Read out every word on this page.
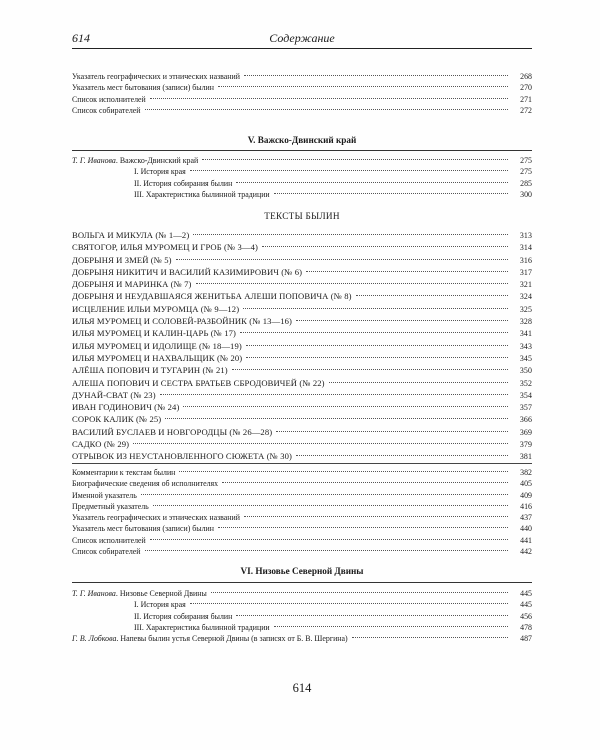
614	Содержание
Указатель географических и этнических названий	268
Указатель мест бытования (записи) былин	270
Список исполнителей	271
Список собирателей	272
V. Важско-Двинский край
Т. Г. Иванова. Важско-Двинский край	275
I. История края	275
II. История собирания былин	285
III. Характеристика былинной традиции	300
ТЕКСТЫ БЫЛИН
ВОЛЬГА И МИКУЛА (№ 1—2)	313
СВЯТОГОР, ИЛЬЯ МУРОМЕЦ И ГРОБ (№ 3—4)	314
ДОБРЫНЯ И ЗМЕЙ (№ 5)	316
ДОБРЫНЯ НИКИТИЧ И ВАСИЛИЙ КАЗИМИРОВИЧ (№ 6)	317
ДОБРЫНЯ И МАРИНКА (№ 7)	321
ДОБРЫНЯ И НЕУДАВШАЯСЯ ЖЕНИТЬБА АЛЕШИ ПОПОВИЧА (№ 8)	324
ИСЦЕЛЕНИЕ ИЛЬИ МУРОМЦА (№ 9—12)	325
ИЛЬЯ МУРОМЕЦ И СОЛОВЕЙ-РАЗБОЙНИК (№ 13—16)	328
ИЛЬЯ МУРОМЕЦ И КАЛИН-ЦАРЬ (№ 17)	341
ИЛЬЯ МУРОМЕЦ И ИДОЛИЩЕ (№ 18—19)	343
ИЛЬЯ МУРОМЕЦ И НАХВАЛЬЩИК (№ 20)	345
АЛЁША ПОПОВИЧ И ТУГАРИН (№ 21)	350
АЛЕША ПОПОВИЧ И СЕСТРА БРАТЬЕВ СБРОДОВИЧЕЙ (№ 22)	352
ДУНАЙ-СВАТ (№ 23)	354
ИВАН ГОДИНОВИЧ (№ 24)	357
СОРОК КАЛИК (№ 25)	366
ВАСИЛИЙ БУСЛАЕВ И НОВГОРОДЦЫ (№ 26—28)	369
САДКО (№ 29)	379
ОТРЫВОК ИЗ НЕУСТАНОВЛЕННОГО СЮЖЕТА (№ 30)	381
Комментарии к текстам былин	382
Биографические сведения об исполнителях	405
Именной указатель	409
Предметный указатель	416
Указатель географических и этнических названий	437
Указатель мест бытования (записи) былин	440
Список исполнителей	441
Список собирателей	442
VI. Низовье Северной Двины
Т. Г. Иванова. Низовье Северной Двины	445
I. История края	445
II. История собирания былин	456
III. Характеристика былинной традиции	478
Г. В. Лобкова. Напевы былин устья Северной Двины (в записях от Б. В. Шергина)	487
614
